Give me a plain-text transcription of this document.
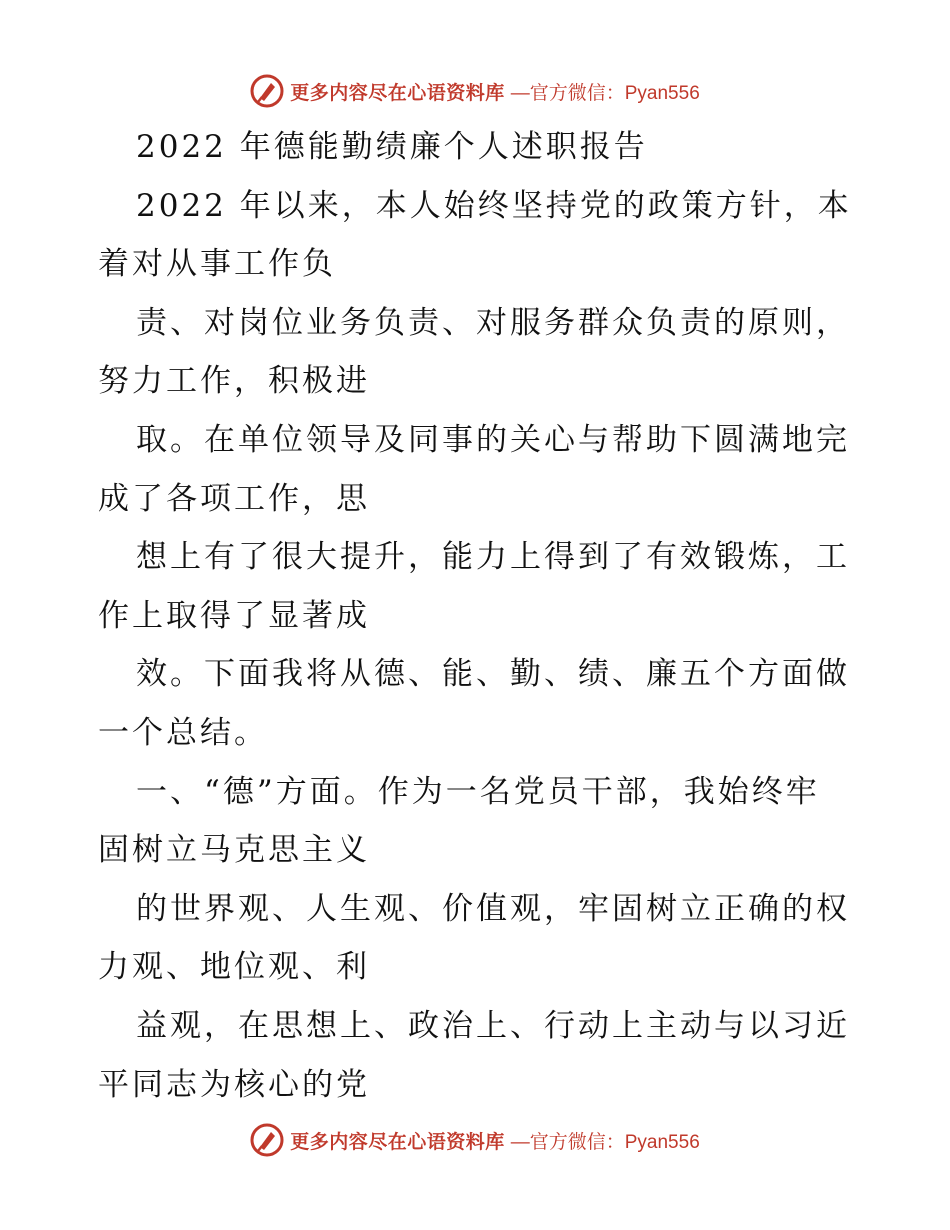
更多内容尽在心语资料库 —官方微信：Pyan556

2022 年德能勤绩廉个人述职报告

2022 年以来，本人始终坚持党的政策方针，本

着对从事工作负

责、对岗位业务负责、对服务群众负责的原则，

努力工作，积极进

取。在单位领导及同事的关心与帮助下圆满地完

成了各项工作，思

想上有了很大提升，能力上得到了有效锻炼，工

作上取得了显著成

效。下面我将从德、能、勤、绩、廉五个方面做

一个总结。

一、“德”方面。作为一名党员干部，我始终牢

固树立马克思主义

的世界观、人生观、价值观，牢固树立正确的权

力观、地位观、利

益观，在思想上、政治上、行动上主动与以习近

平同志为核心的党

更多内容尽在心语资料库 —官方微信：Pyan556
